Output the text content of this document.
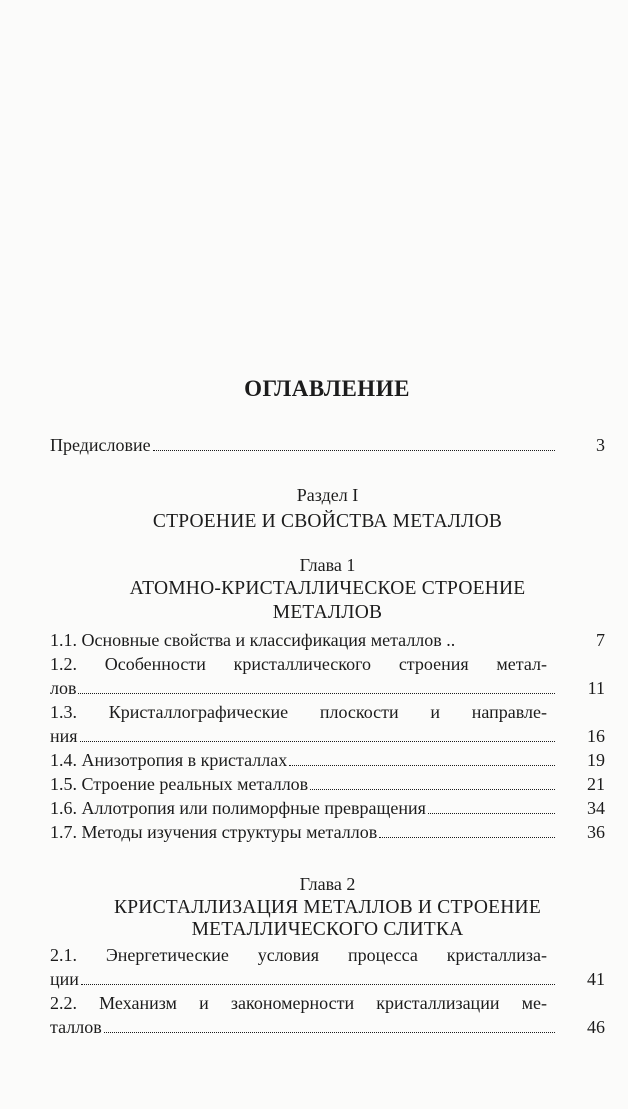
ОГЛАВЛЕНИЕ
Предисловие	3
Раздел I
СТРОЕНИЕ И СВОЙСТВА МЕТАЛЛОВ
Глава 1
АТОМНО-КРИСТАЛЛИЧЕСКОЕ СТРОЕНИЕ
МЕТАЛЛОВ
1.1. Основные свойства и классификация металлов ..	7
1.2. Особенности кристаллического строения метал-
лов	11
1.3. Кристаллографические плоскости и направле-
ния	16
1.4. Анизотропия в кристаллах	19
1.5. Строение реальных металлов	21
1.6. Аллотропия или полиморфные превращения	34
1.7. Методы изучения структуры металлов	36
Глава 2
КРИСТАЛЛИЗАЦИЯ МЕТАЛЛОВ И СТРОЕНИЕ
МЕТАЛЛИЧЕСКОГО СЛИТКА
2.1. Энергетические условия процесса кристаллиза-
ции	41
2.2. Механизм и закономерности кристаллизации ме-
таллов	46
